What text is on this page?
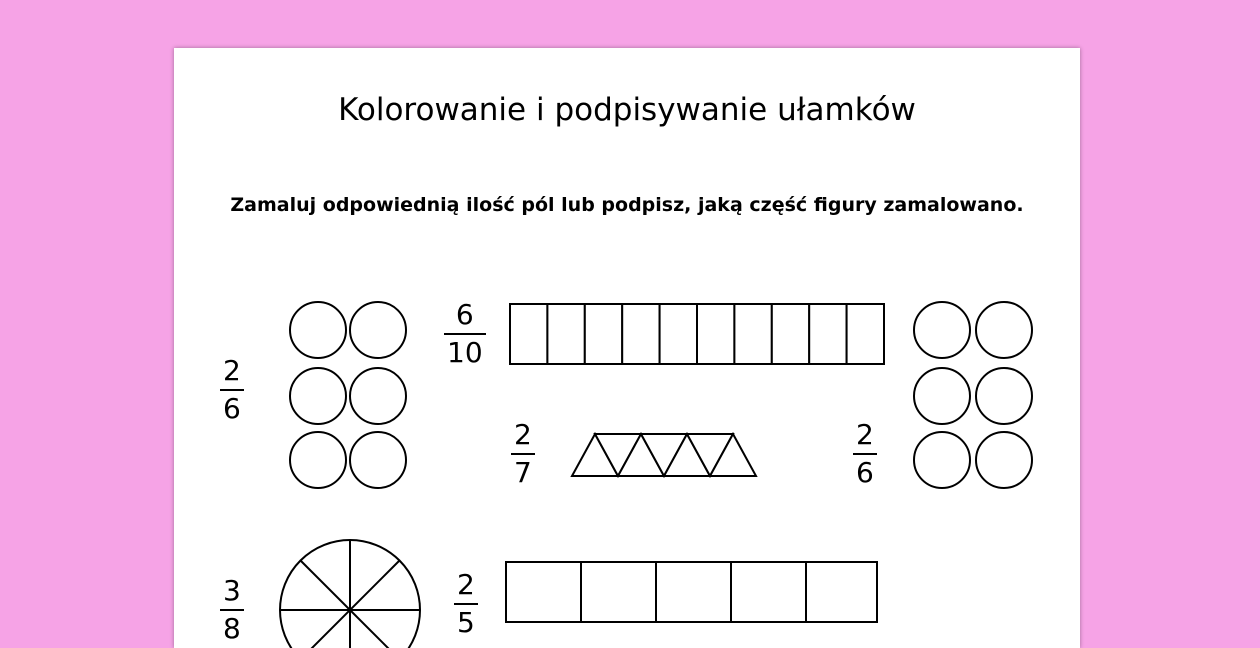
Kolorowanie i podpisywanie ułamków
Zamaluj odpowiednią ilość pól lub podpisz, jaką część figury zamalowano.
2
6
6
10
2
7
2
6
3
8
2
5
